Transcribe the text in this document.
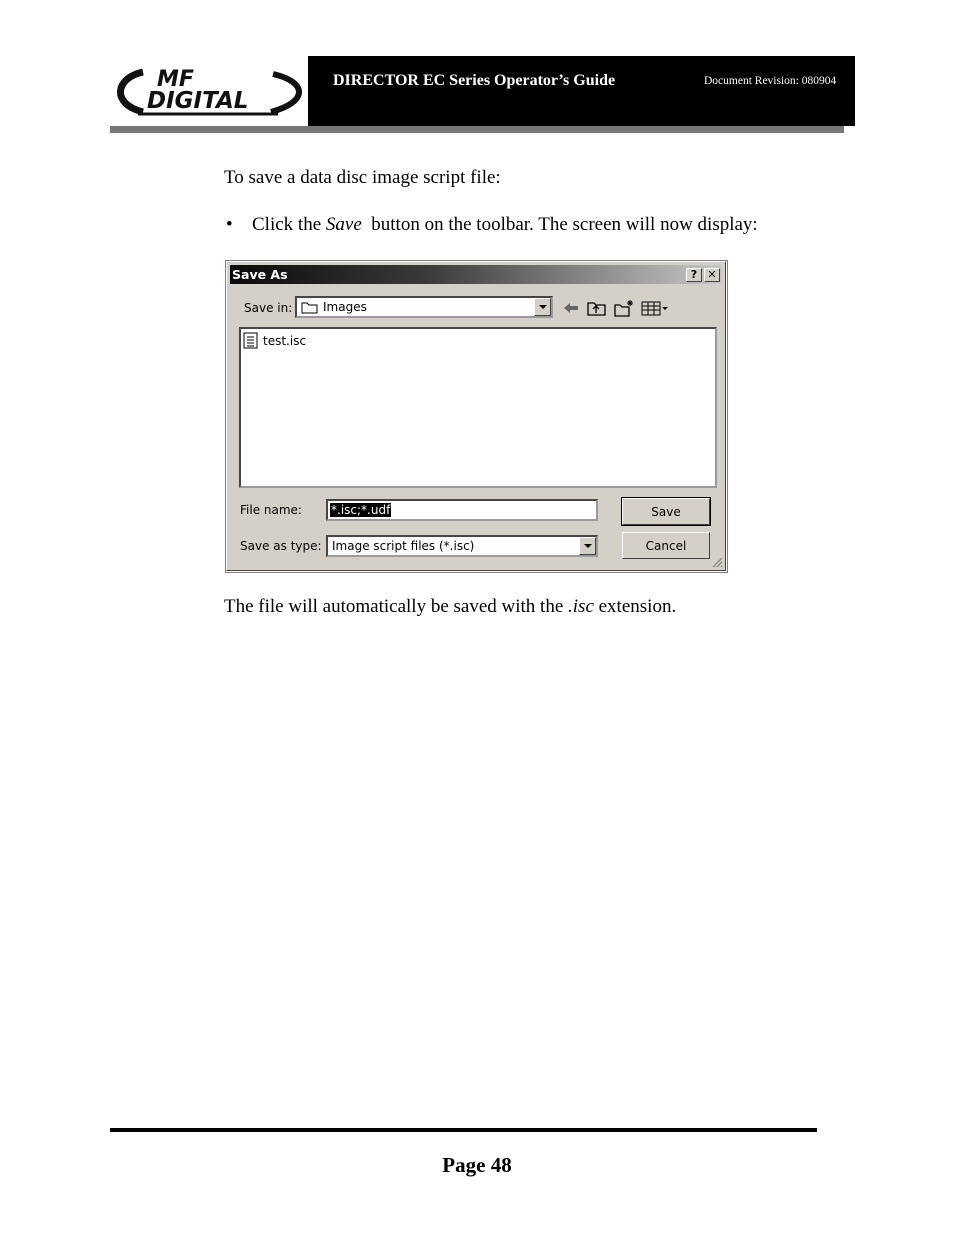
MF
DIGITAL
DIRECTOR EC Series Operator’s Guide	Document Revision: 080904
To save a data disc image script file:
• Click the Save  button on the toolbar. The screen will now display:
Save As	? ✕
Save in:	Images
test.isc
File name: *.isc;*.udf
Save as type: Image script files (*.isc)
Save
Cancel
The file will automatically be saved with the .isc extension.
Page 48
